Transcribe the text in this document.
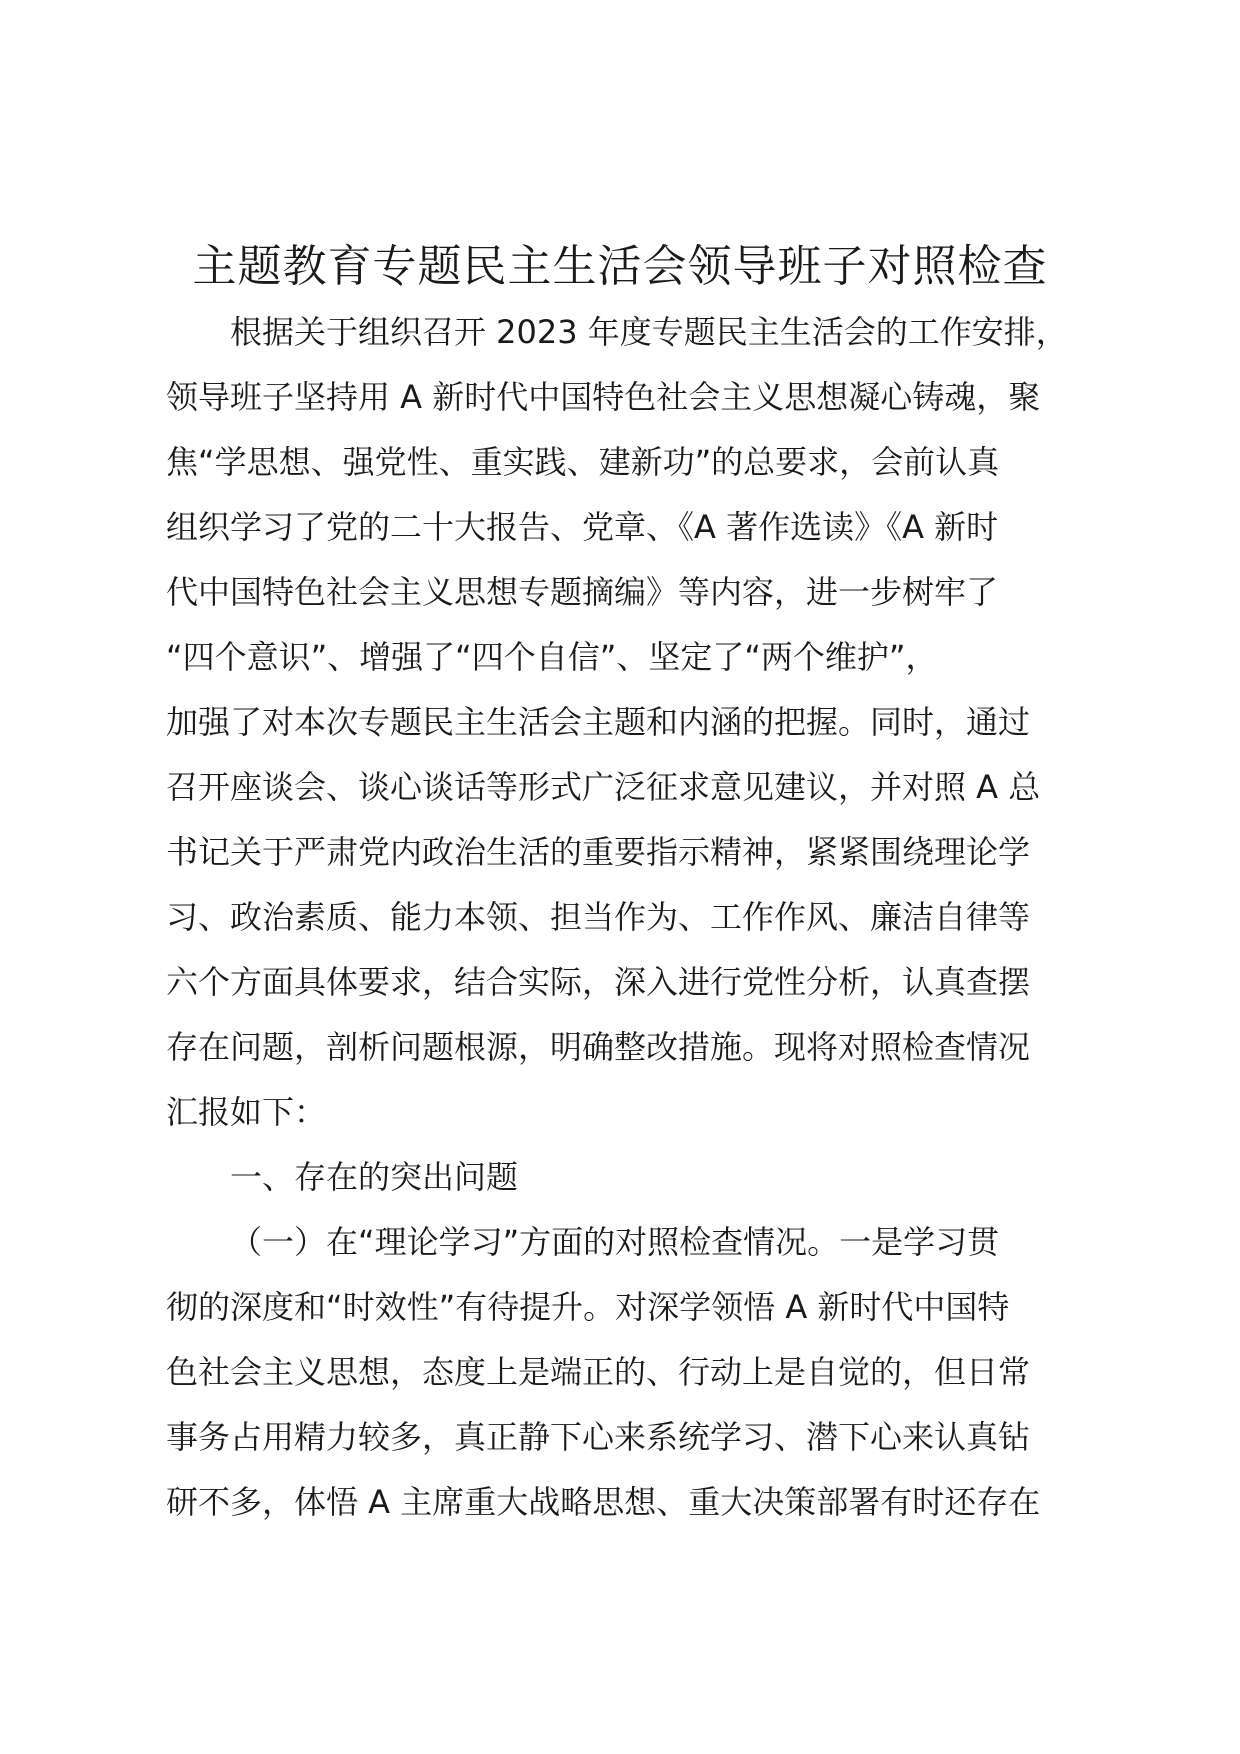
主题教育专题民主生活会领导班子对照检查
根据关于组织召开 2023 年度专题民主生活会的工作安排，
领导班子坚持用 A 新时代中国特色社会主义思想凝心铸魂，聚
焦“学思想、强党性、重实践、建新功”的总要求，会前认真
组织学习了党的二十大报告、党章、《A 著作选读》《A 新时
代中国特色社会主义思想专题摘编》等内容，进一步树牢了
“四个意识”、增强了“四个自信”、坚定了“两个维护”，
加强了对本次专题民主生活会主题和内涵的把握。同时，通过
召开座谈会、谈心谈话等形式广泛征求意见建议，并对照 A 总
书记关于严肃党内政治生活的重要指示精神，紧紧围绕理论学
习、政治素质、能力本领、担当作为、工作作风、廉洁自律等
六个方面具体要求，结合实际，深入进行党性分析，认真查摆
存在问题，剖析问题根源，明确整改措施。现将对照检查情况
汇报如下：
一、存在的突出问题
（一）在“理论学习”方面的对照检查情况。一是学习贯
彻的深度和“时效性”有待提升。对深学领悟 A 新时代中国特
色社会主义思想，态度上是端正的、行动上是自觉的，但日常
事务占用精力较多，真正静下心来系统学习、潜下心来认真钻
研不多，体悟 A 主席重大战略思想、重大决策部署有时还存在
